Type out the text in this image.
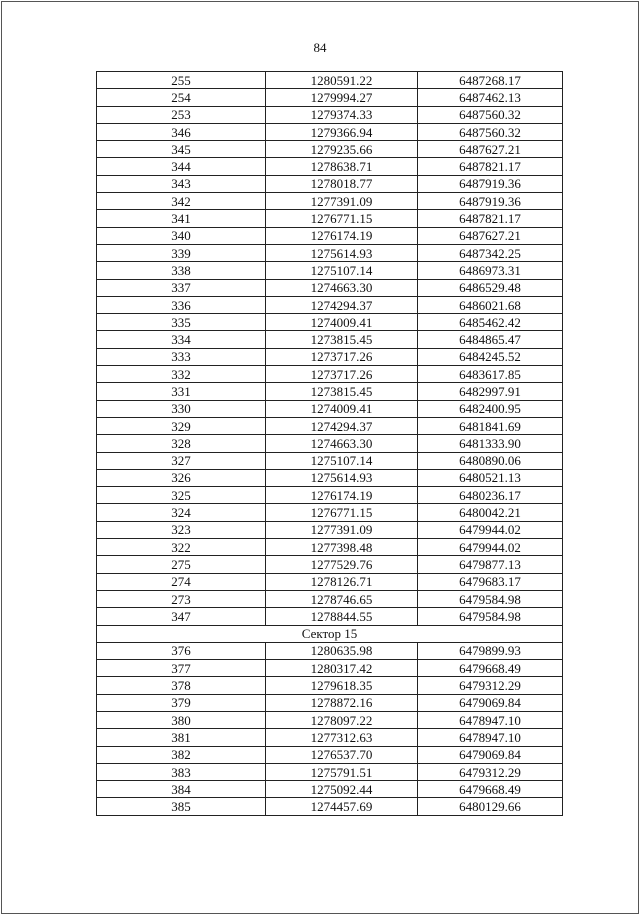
84
255	1280591.22	6487268.17
254	1279994.27	6487462.13
253	1279374.33	6487560.32
346	1279366.94	6487560.32
345	1279235.66	6487627.21
344	1278638.71	6487821.17
343	1278018.77	6487919.36
342	1277391.09	6487919.36
341	1276771.15	6487821.17
340	1276174.19	6487627.21
339	1275614.93	6487342.25
338	1275107.14	6486973.31
337	1274663.30	6486529.48
336	1274294.37	6486021.68
335	1274009.41	6485462.42
334	1273815.45	6484865.47
333	1273717.26	6484245.52
332	1273717.26	6483617.85
331	1273815.45	6482997.91
330	1274009.41	6482400.95
329	1274294.37	6481841.69
328	1274663.30	6481333.90
327	1275107.14	6480890.06
326	1275614.93	6480521.13
325	1276174.19	6480236.17
324	1276771.15	6480042.21
323	1277391.09	6479944.02
322	1277398.48	6479944.02
275	1277529.76	6479877.13
274	1278126.71	6479683.17
273	1278746.65	6479584.98
347	1278844.55	6479584.98
Сектор 15		
376	1280635.98	6479899.93
377	1280317.42	6479668.49
378	1279618.35	6479312.29
379	1278872.16	6479069.84
380	1278097.22	6478947.10
381	1277312.63	6478947.10
382	1276537.70	6479069.84
383	1275791.51	6479312.29
384	1275092.44	6479668.49
385	1274457.69	6480129.66
